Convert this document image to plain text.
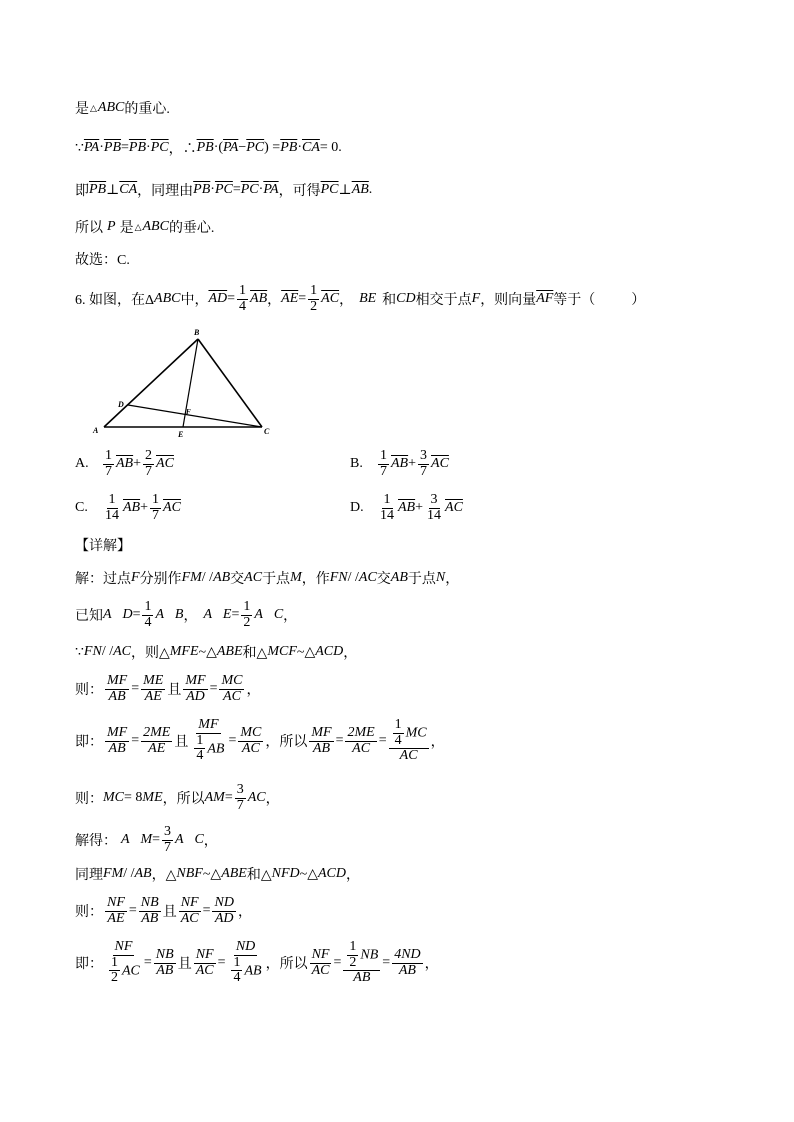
是 △ ABC 的重心.
∵ $\overline{PA} \cdot \overline{PB} = \overline{PB} \cdot \overline{PC}$ ，∴ $\overline{PB}$ ·( $\overline{PA} - \overline{PC}$ ) = $\overline{PB} \cdot \overline{CA} = 0$.
即 $\overline{PB}$ ⊥ $\overline{CA}$ ，同理由 $\overline{PB} \cdot \overline{PC} = \overline{PC} \cdot \overline{PA}$ ，可得 $\overline{PC}$ ⊥ $\overline{AB}$ .
所以 P 是 △ ABC 的垂心.
故选：C.
6. 如图，在Δ ABC 中， $\overline{AD}$ =
1
4 $\overline{AB}$ ， $\overline{AE}$ =
1
2 $\overline{AC}$ ， BE 和 CD 相交于点 F ，则向量 $\overline{AF}$ 等于（	）
B
A	C
D
F
E
A.
1
7 $\overline{AB}$ +
2
7 $\overline{AC}$	B.
1
7 $\overline{AB}$ +
3
7 $\overline{AC}$
C.
1
14 $\overline{AB}$ +
1
7 $\overline{AC}$	D.
1
14 $\overline{AB}$ +
3
14 $\overline{AC}$
【详解】
解：过点 F 分别作 FM / / AB 交 AC 于点 M ，作 FN / / AC 交 AB 于点 N ，
已知 A⃗D =
1
4 A⃗B ， A⃗E =
1
2 A⃗C ，
∵ FN / / AC ，则△ MFE ~△ ABE 和△ MCF ~△ ACD ，
则：
MF
AB =
ME
AE 且
MF
AD =
MC
AC ，
即：
MF
AB =
2ME
AE 且
MF
$\frac{1}{4}$ AB
=
MC
AC ，所以
MF
AB =
2ME
AC = $\frac{1}{4}$ MC
AC
，
则： MC = 8 ME ，所以 AM =
3
7 AC ，
解得： A⃗M =
3
7 A⃗C ，
同理 FM / / AB ，△ NBF ~△ ABE 和△ NFD ~△ ACD ，
则：
NF
AE =
NB
AB 且
NF
AC =
ND
AD ，
即：
NF
$\frac{1}{2}$ AC
=
NB
AB 且
NF
AC =
ND
$\frac{1}{4}$ AB ，所以
NF
AC = $\frac{1}{2}$ NB
AB
=
4ND
AB ，
